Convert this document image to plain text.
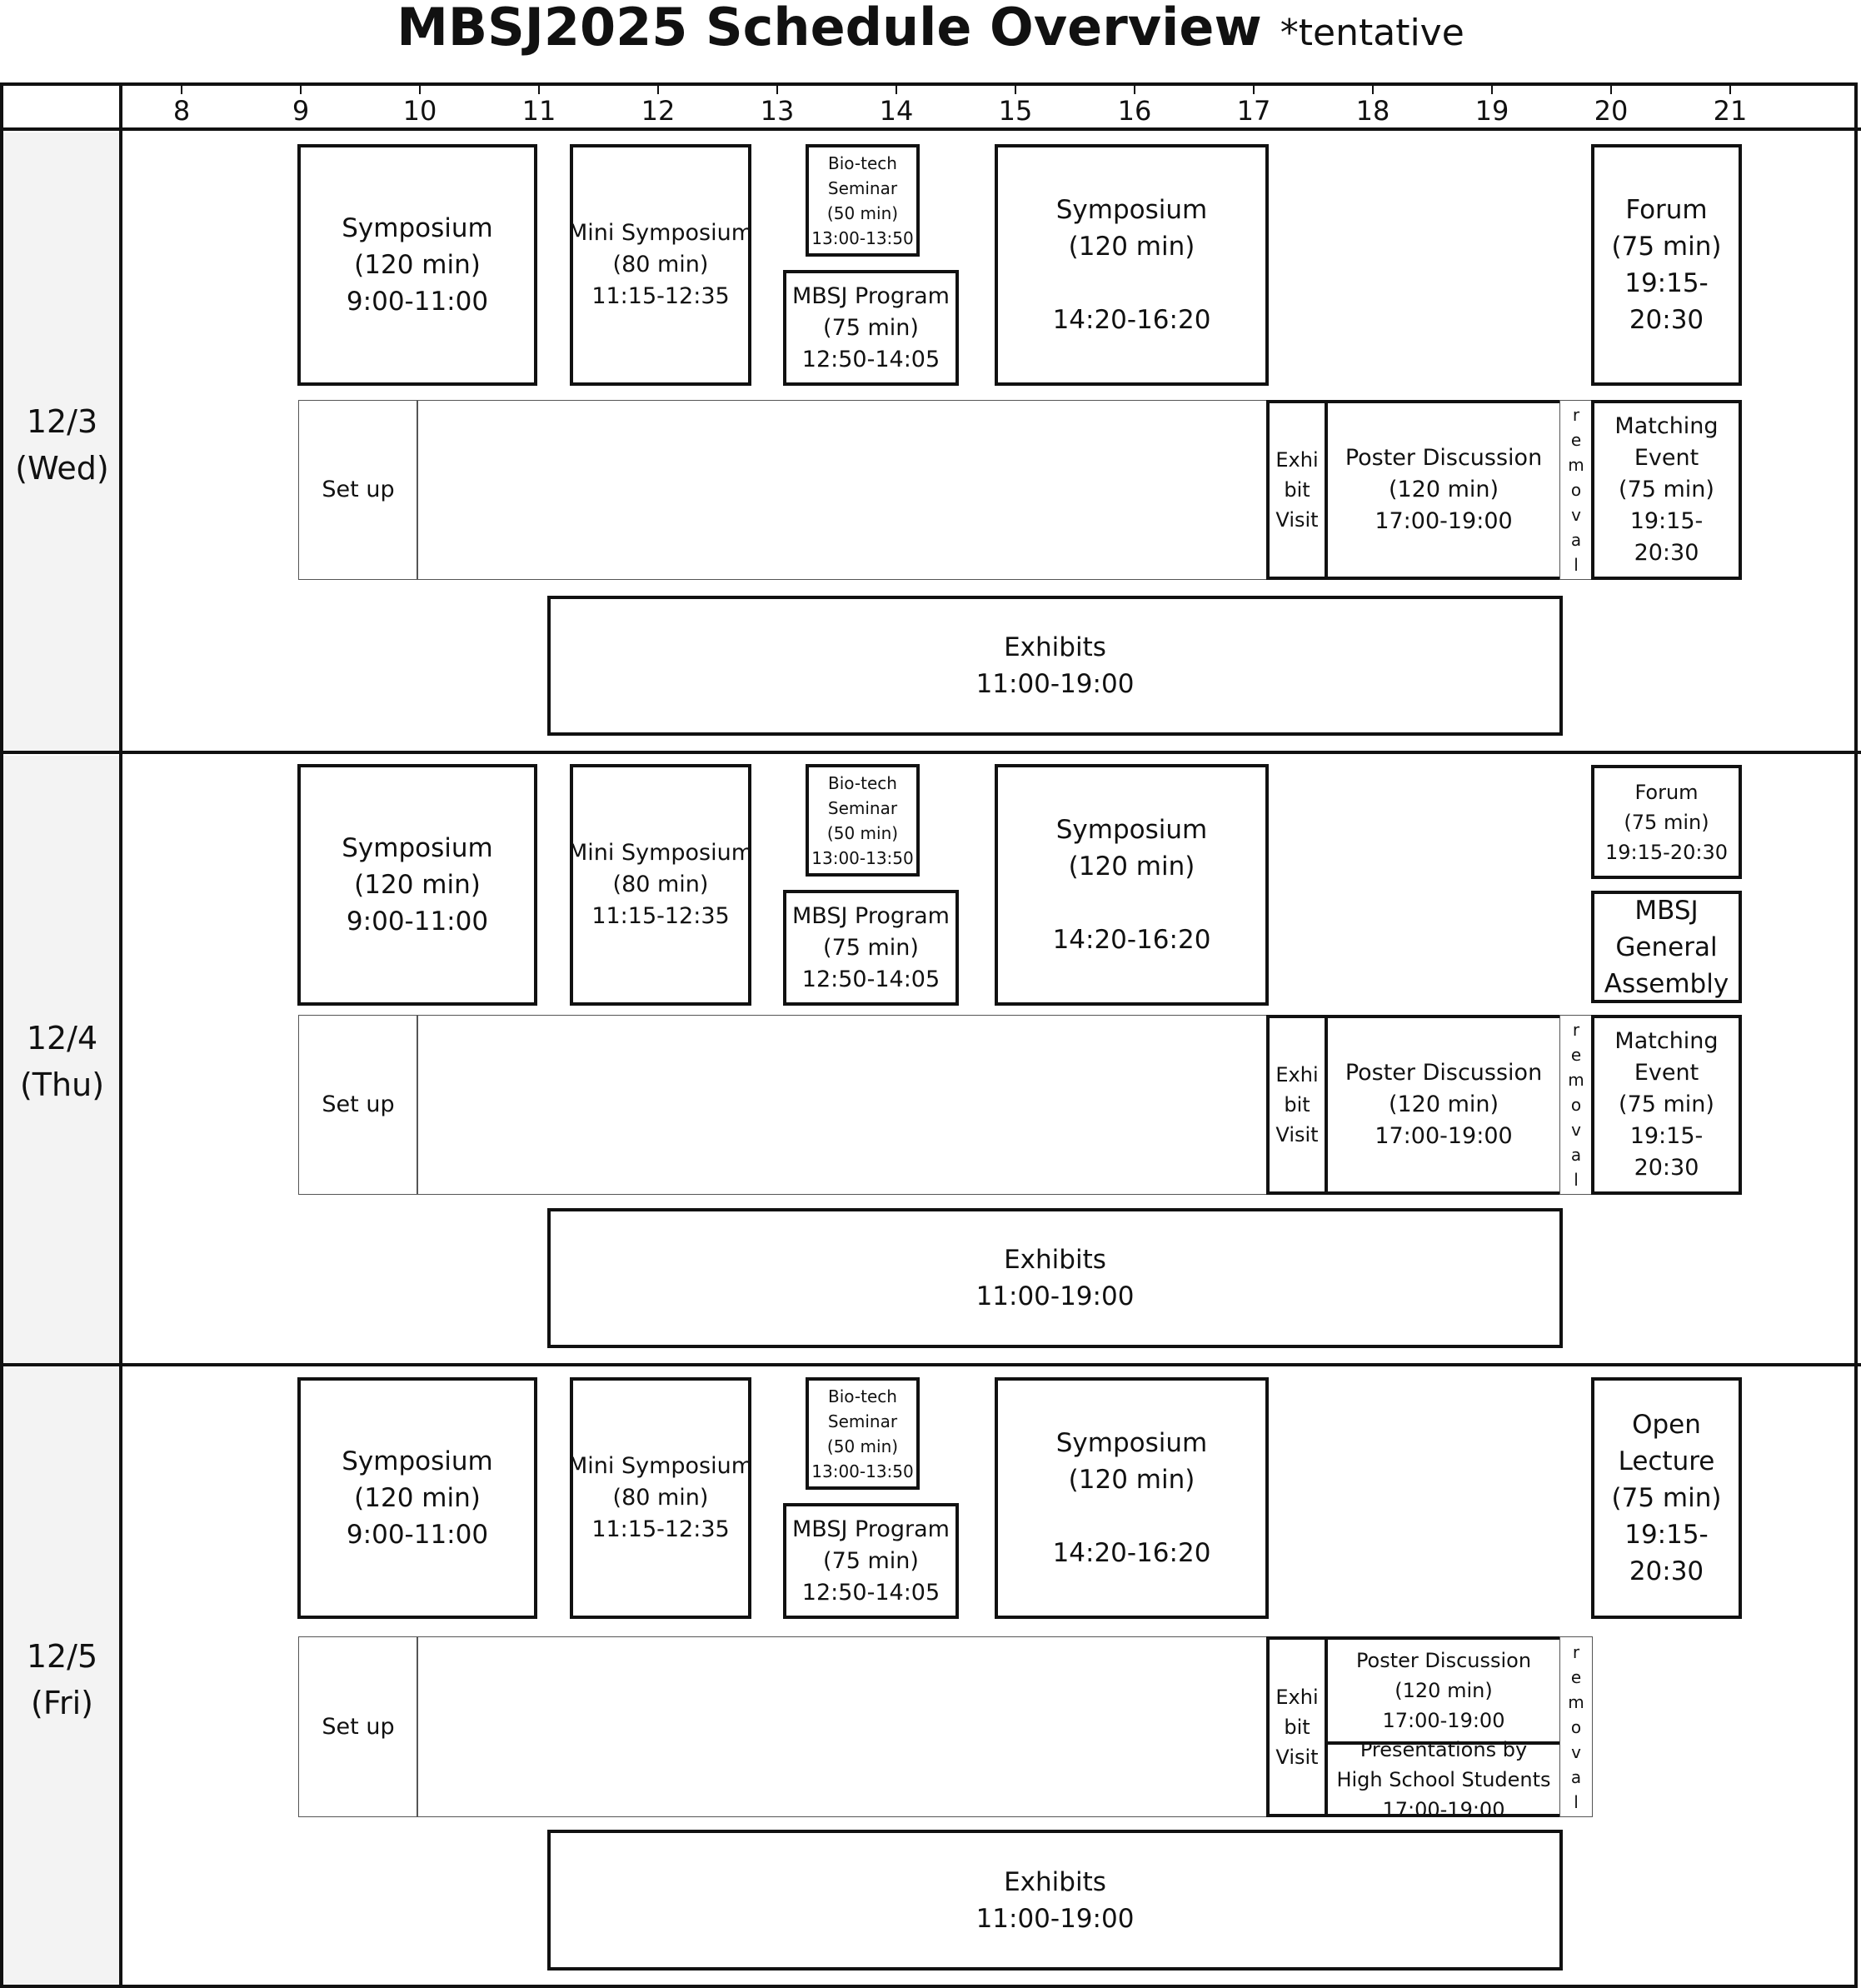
MBSJ2025 Schedule Overview *tentative
8	9	10	11	12	13	14	15	16	17	18	19	20	21
12/3
(Wed)
Symposium
(120 min)
9:00-11:00
Mini Symposium
(80 min)
11:15-12:35
Bio-tech
Seminar
(50 min)
13:00-13:50
MBSJ Program
(75 min)
12:50-14:05
Symposium
(120 min)
14:20-16:20
Forum
(75 min)
19:15-
20:30
Set up
Exhi
bit
Visit
Poster Discussion
(120 min)
17:00-19:00
r
e
m
o
v
a
l
Matching
Event
(75 min)
19:15-
20:30
Exhibits
11:00-19:00
12/4
(Thu)
Symposium
(120 min)
9:00-11:00
Mini Symposium
(80 min)
11:15-12:35
Bio-tech
Seminar
(50 min)
13:00-13:50
MBSJ Program
(75 min)
12:50-14:05
Symposium
(120 min)
14:20-16:20
Forum
(75 min)
19:15-20:30
MBSJ
General
Assembly
Set up
Exhi
bit
Visit
Poster Discussion
(120 min)
17:00-19:00
r
e
m
o
v
a
l
Matching
Event
(75 min)
19:15-
20:30
Exhibits
11:00-19:00
12/5
(Fri)
Symposium
(120 min)
9:00-11:00
Mini Symposium
(80 min)
11:15-12:35
Bio-tech
Seminar
(50 min)
13:00-13:50
MBSJ Program
(75 min)
12:50-14:05
Symposium
(120 min)
14:20-16:20
Open
Lecture
(75 min)
19:15-
20:30
Set up
Exhi
bit
Visit
Poster Discussion
(120 min)
17:00-19:00
Presentations by
High School Students
17:00-19:00
r
e
m
o
v
a
l
Exhibits
11:00-19:00
